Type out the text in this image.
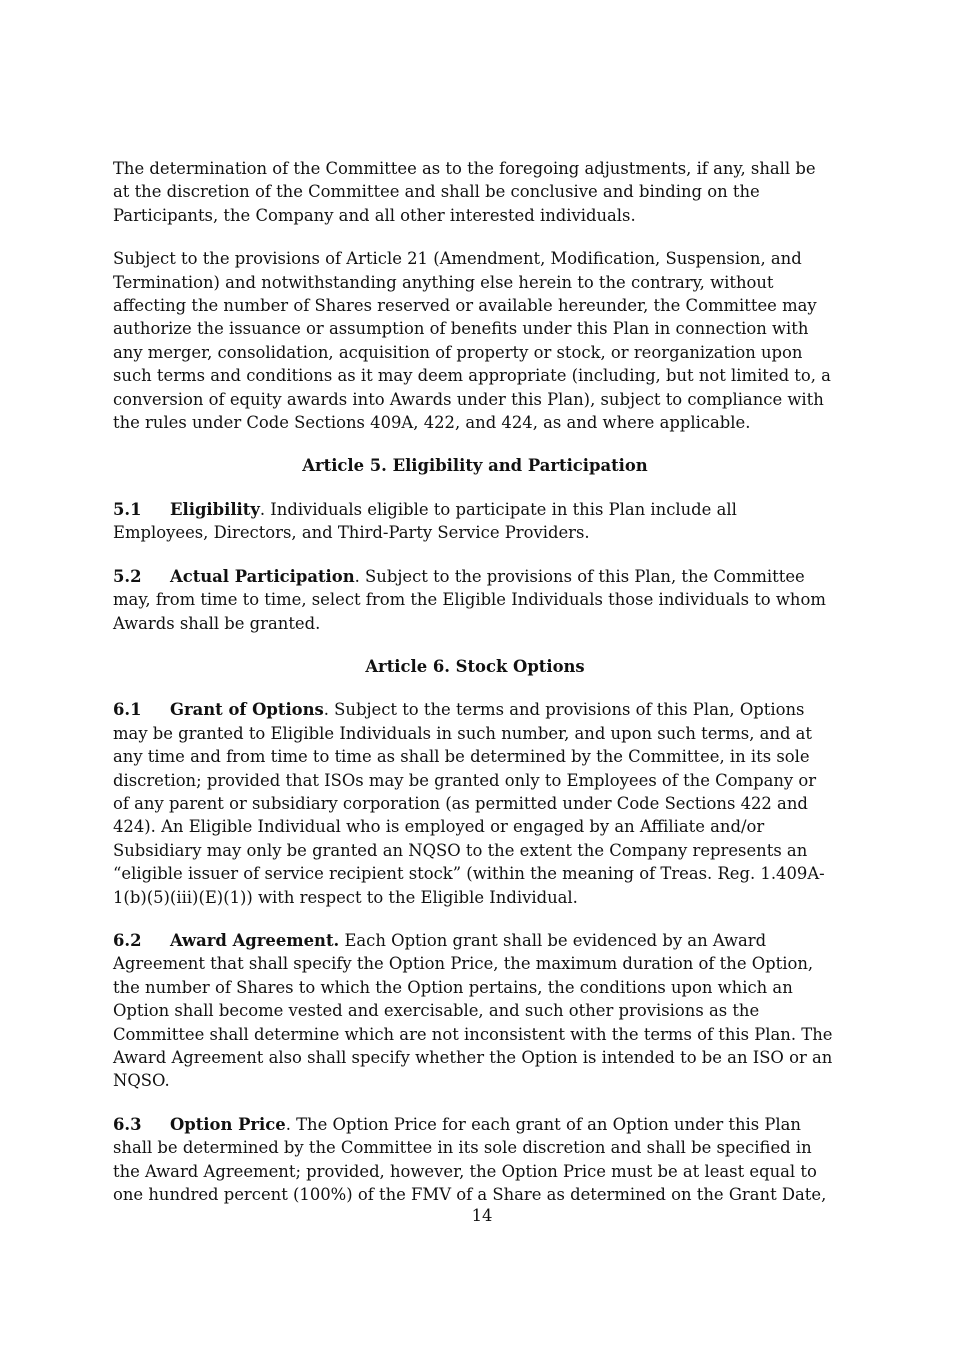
The determination of the Committee as to the foregoing adjustments, if any, shall be at the discretion of the Committee and shall be conclusive and binding on the Participants, the Company and all other interested individuals.

Subject to the provisions of Article 21 (Amendment, Modification, Suspension, and Termination) and notwithstanding anything else herein to the contrary, without affecting the number of Shares reserved or available hereunder, the Committee may authorize the issuance or assumption of benefits under this Plan in connection with any merger, consolidation, acquisition of property or stock, or reorganization upon such terms and conditions as it may deem appropriate (including, but not limited to, a conversion of equity awards into Awards under this Plan), subject to compliance with the rules under Code Sections 409A, 422, and 424, as and where applicable.

Article 5. Eligibility and Participation

5.1 Eligibility. Individuals eligible to participate in this Plan include all Employees, Directors, and Third-Party Service Providers.

5.2 Actual Participation. Subject to the provisions of this Plan, the Committee may, from time to time, select from the Eligible Individuals those individuals to whom Awards shall be granted.

Article 6. Stock Options

6.1 Grant of Options. Subject to the terms and provisions of this Plan, Options may be granted to Eligible Individuals in such number, and upon such terms, and at any time and from time to time as shall be determined by the Committee, in its sole discretion; provided that ISOs may be granted only to Employees of the Company or of any parent or subsidiary corporation (as permitted under Code Sections 422 and 424). An Eligible Individual who is employed or engaged by an Affiliate and/or Subsidiary may only be granted an NQSO to the extent the Company represents an “eligible issuer of service recipient stock” (within the meaning of Treas. Reg. 1.409A-1(b)(5)(iii)(E)(1)) with respect to the Eligible Individual.

6.2 Award Agreement. Each Option grant shall be evidenced by an Award Agreement that shall specify the Option Price, the maximum duration of the Option, the number of Shares to which the Option pertains, the conditions upon which an Option shall become vested and exercisable, and such other provisions as the Committee shall determine which are not inconsistent with the terms of this Plan. The Award Agreement also shall specify whether the Option is intended to be an ISO or an NQSO.

6.3 Option Price. The Option Price for each grant of an Option under this Plan shall be determined by the Committee in its sole discretion and shall be specified in the Award Agreement; provided, however, the Option Price must be at least equal to one hundred percent (100%) of the FMV of a Share as determined on the Grant Date,

14
